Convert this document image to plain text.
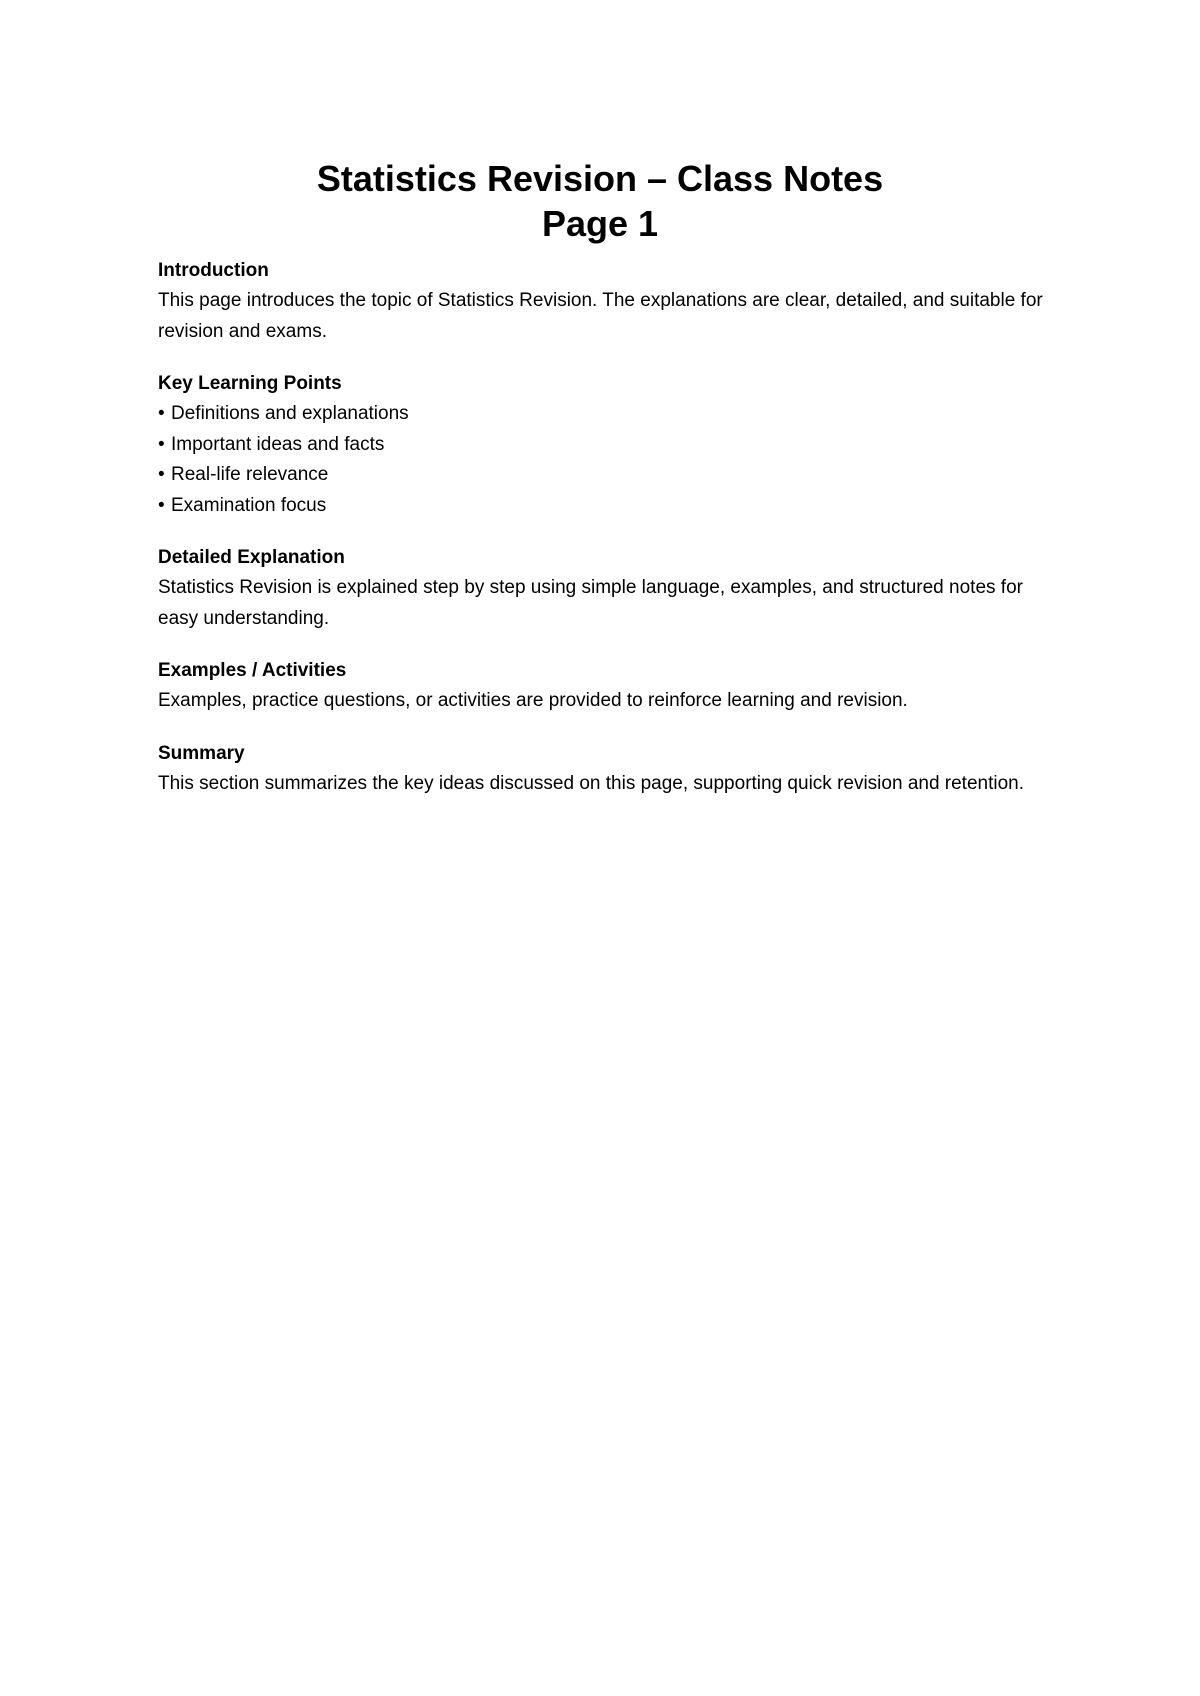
Statistics Revision – Class Notes
Page 1

Introduction

This page introduces the topic of Statistics Revision. The explanations are clear, detailed, and suitable for revision and exams.

Key Learning Points

• Definitions and explanations
• Important ideas and facts
• Real-life relevance
• Examination focus

Detailed Explanation

Statistics Revision is explained step by step using simple language, examples, and structured notes for easy understanding.

Examples / Activities

Examples, practice questions, or activities are provided to reinforce learning and revision.

Summary

This section summarizes the key ideas discussed on this page, supporting quick revision and retention.
